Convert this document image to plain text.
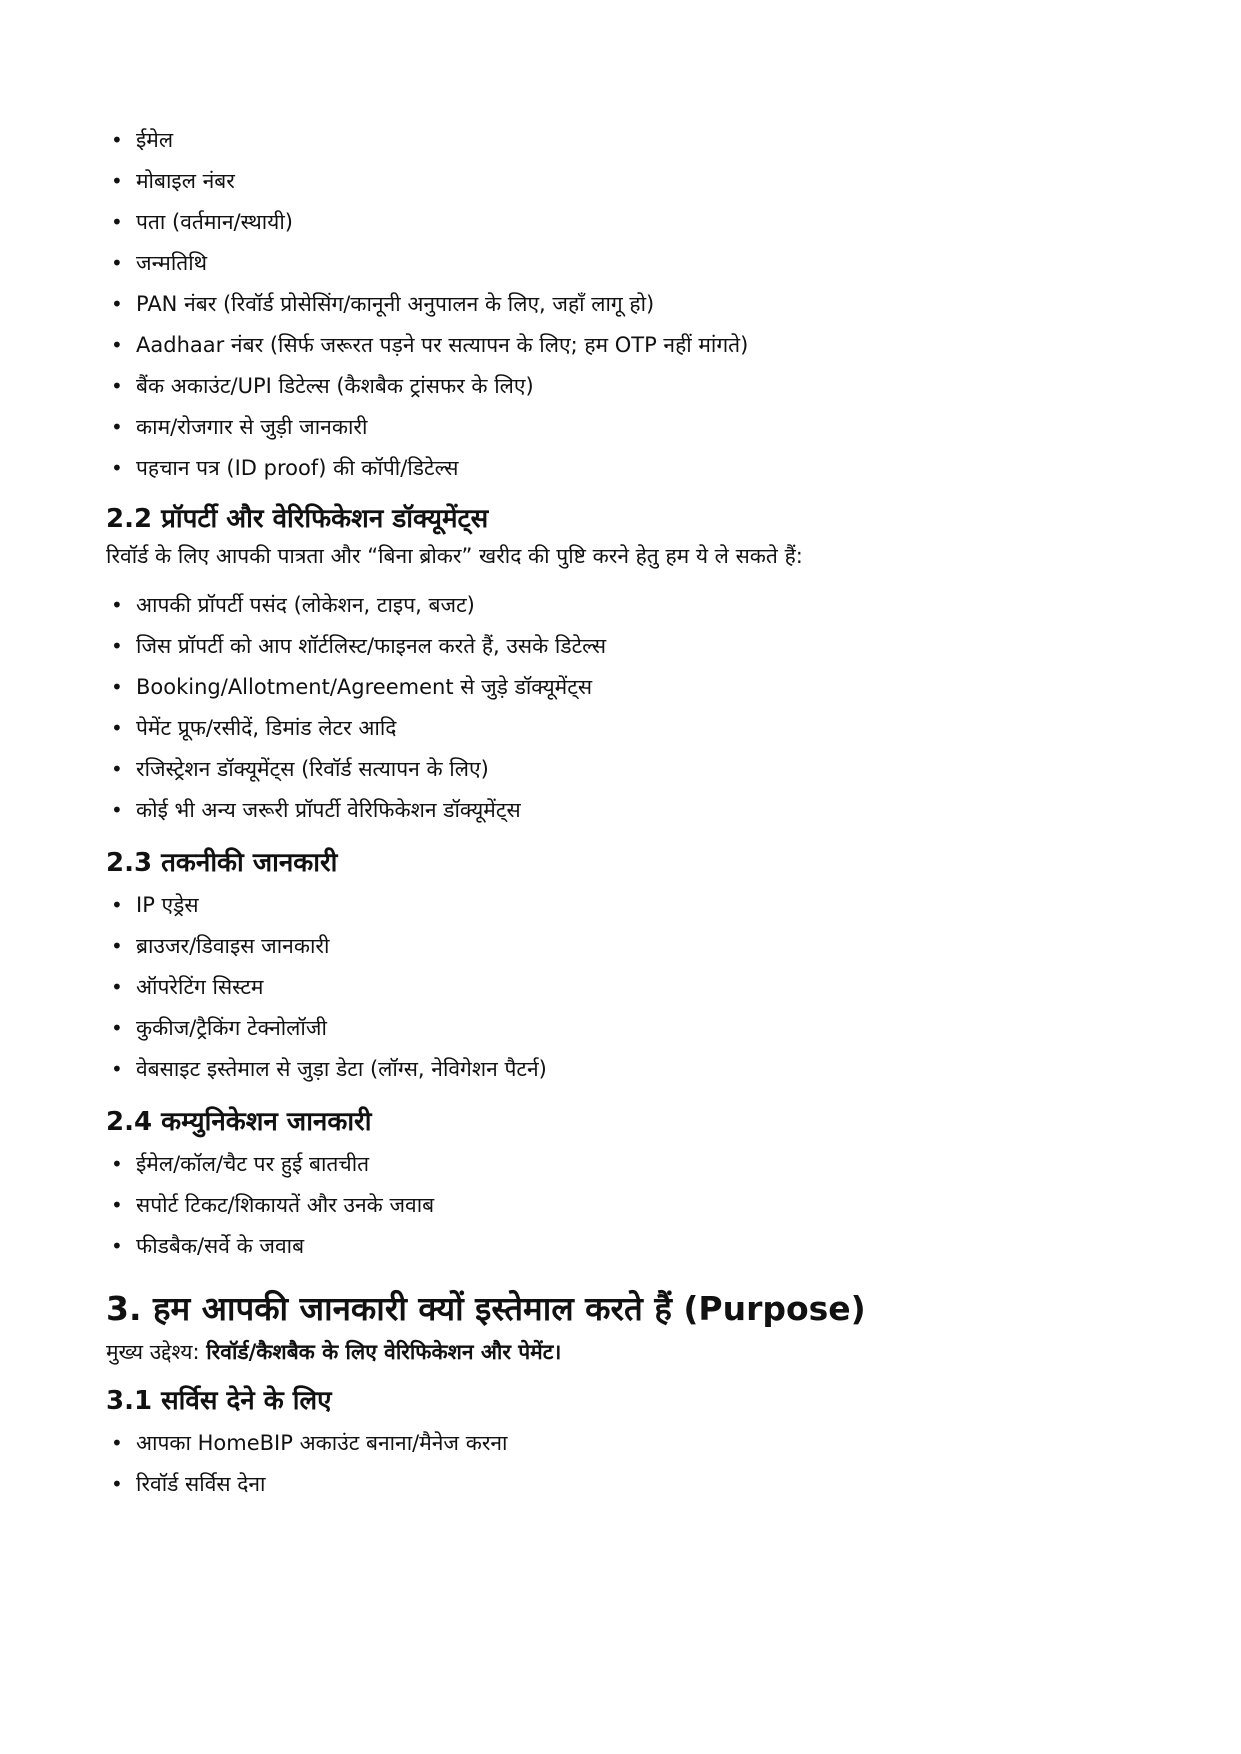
• ईमेल
• मोबाइल नंबर
• पता (वर्तमान/स्थायी)
• जन्मतिथि
• PAN नंबर (रिवॉर्ड प्रोसेसिंग/कानूनी अनुपालन के लिए, जहाँ लागू हो)
• Aadhaar नंबर (सिर्फ जरूरत पड़ने पर सत्यापन के लिए; हम OTP नहीं मांगते)
• बैंक अकाउंट/UPI डिटेल्स (कैशबैक ट्रांसफर के लिए)
• काम/रोजगार से जुड़ी जानकारी
• पहचान पत्र (ID proof) की कॉपी/डिटेल्स
2.2 प्रॉपर्टी और वेरिफिकेशन डॉक्यूमेंट्स

रिवॉर्ड के लिए आपकी पात्रता और “बिना ब्रोकर” खरीद की पुष्टि करने हेतु हम ये ले सकते हैं:

• आपकी प्रॉपर्टी पसंद (लोकेशन, टाइप, बजट)
• जिस प्रॉपर्टी को आप शॉर्टलिस्ट/फाइनल करते हैं, उसके डिटेल्स
• Booking/Allotment/Agreement से जुड़े डॉक्यूमेंट्स
• पेमेंट प्रूफ/रसीदें, डिमांड लेटर आदि
• रजिस्ट्रेशन डॉक्यूमेंट्स (रिवॉर्ड सत्यापन के लिए)
• कोई भी अन्य जरूरी प्रॉपर्टी वेरिफिकेशन डॉक्यूमेंट्स
2.3 तकनीकी जानकारी
• IP एड्रेस
• ब्राउजर/डिवाइस जानकारी
• ऑपरेटिंग सिस्टम
• कुकीज/ट्रैकिंग टेक्नोलॉजी
• वेबसाइट इस्तेमाल से जुड़ा डेटा (लॉग्स, नेविगेशन पैटर्न)
2.4 कम्युनिकेशन जानकारी
• ईमेल/कॉल/चैट पर हुई बातचीत
• सपोर्ट टिकट/शिकायतें और उनके जवाब
• फीडबैक/सर्वे के जवाब
3. हम आपकी जानकारी क्यों इस्तेमाल करते हैं (Purpose)

मुख्य उद्देश्य: रिवॉर्ड/कैशबैक के लिए वेरिफिकेशन और पेमेंट।

3.1 सर्विस देने के लिए
• आपका HomeBIP अकाउंट बनाना/मैनेज करना
• रिवॉर्ड सर्विस देना
